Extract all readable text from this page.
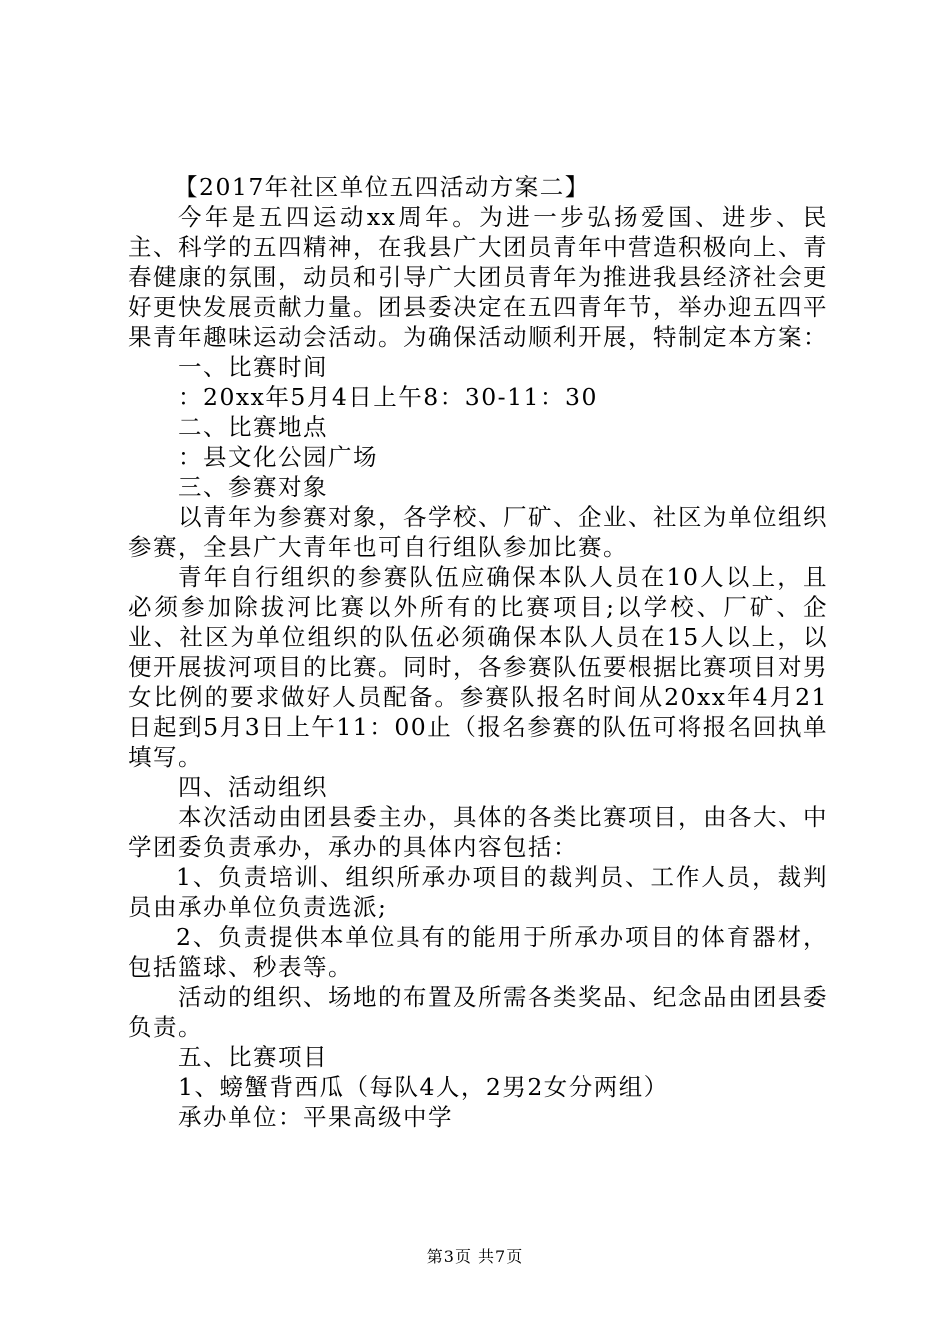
【2017年社区单位五四活动方案二】

今年是五四运动xx周年。为进一步弘扬爱国、进步、民主、科学的五四精神，在我县广大团员青年中营造积极向上、青春健康的氛围，动员和引导广大团员青年为推进我县经济社会更好更快发展贡献力量。团县委决定在五四青年节，举办迎五四平果青年趣味运动会活动。为确保活动顺利开展，特制定本方案：

一、比赛时间

：20xx年5月4日上午8：30-11：30

二、比赛地点

：县文化公园广场

三、参赛对象

以青年为参赛对象，各学校、厂矿、企业、社区为单位组织参赛，全县广大青年也可自行组队参加比赛。

青年自行组织的参赛队伍应确保本队人员在10人以上，且必须参加除拔河比赛以外所有的比赛项目;以学校、厂矿、企业、社区为单位组织的队伍必须确保本队人员在15人以上，以便开展拔河项目的比赛。同时，各参赛队伍要根据比赛项目对男女比例的要求做好人员配备。参赛队报名时间从20xx年4月21日起到5月3日上午11：00止（报名参赛的队伍可将报名回执单填写。

四、活动组织

本次活动由团县委主办，具体的各类比赛项目，由各大、中学团委负责承办，承办的具体内容包括：

1、负责培训、组织所承办项目的裁判员、工作人员，裁判员由承办单位负责选派;

2、负责提供本单位具有的能用于所承办项目的体育器材，包括篮球、秒表等。

活动的组织、场地的布置及所需各类奖品、纪念品由团县委负责。

五、比赛项目

1、螃蟹背西瓜（每队4人，2男2女分两组）

承办单位：平果高级中学

第3页 共7页
